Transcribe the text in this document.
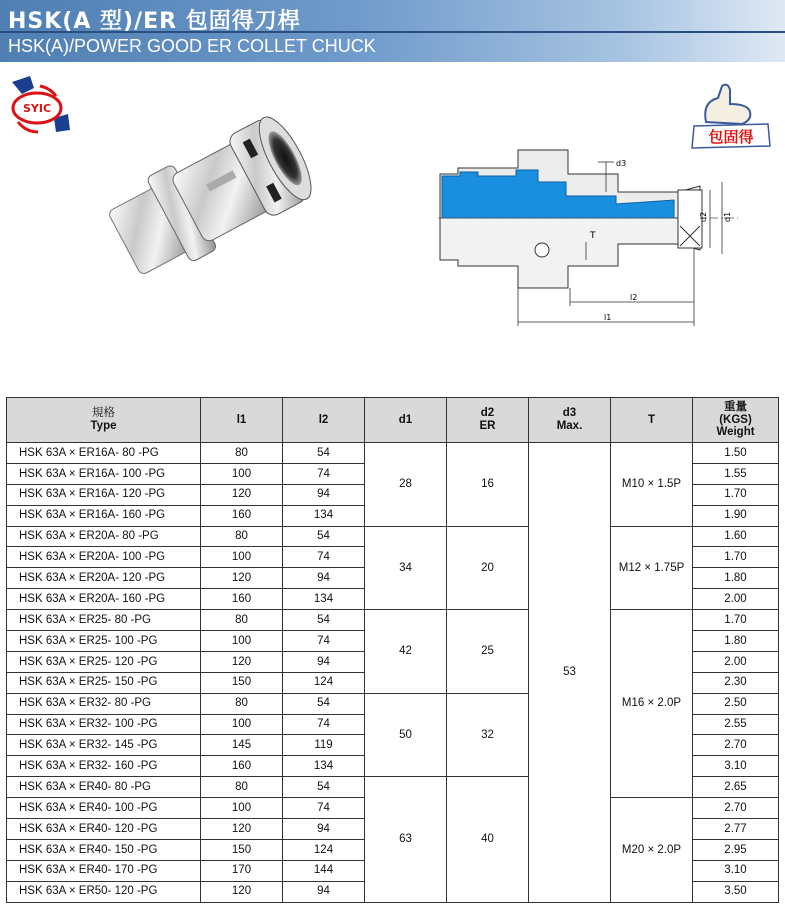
HSK(A 型)/ER 包固得刀桿
HSK(A)/POWER GOOD ER COLLET CHUCK
SYIC
包固得
d3
d2 d1
T
l2
l1
規格
Type	l1	l2	d1	d2
ER	d3
Max.	T	重量
(KGS)
Weight
HSK 63A × ER16A- 80 -PG	80	54	28	16	53	M10 × 1.5P	1.50
HSK 63A × ER16A- 100 -PG	100	74					1.55
HSK 63A × ER16A- 120 -PG	120	94					1.70
HSK 63A × ER16A- 160 -PG	160	134					1.90
HSK 63A × ER20A- 80 -PG	80	54	34	20		M12 × 1.75P	1.60
HSK 63A × ER20A- 100 -PG	100	74					1.70
HSK 63A × ER20A- 120 -PG	120	94					1.80
HSK 63A × ER20A- 160 -PG	160	134					2.00
HSK 63A × ER25- 80 -PG	80	54	42	25		M16 × 2.0P	1.70
HSK 63A × ER25- 100 -PG	100	74					1.80
HSK 63A × ER25- 120 -PG	120	94					2.00
HSK 63A × ER25- 150 -PG	150	124					2.30
HSK 63A × ER32- 80 -PG	80	54	50	32			2.50
HSK 63A × ER32- 100 -PG	100	74					2.55
HSK 63A × ER32- 145 -PG	145	119					2.70
HSK 63A × ER32- 160 -PG	160	134					3.10
HSK 63A × ER40- 80 -PG	80	54	63	40			2.65
HSK 63A × ER40- 100 -PG	100	74				M20 × 2.0P	2.70
HSK 63A × ER40- 120 -PG	120	94					2.77
HSK 63A × ER40- 150 -PG	150	124					2.95
HSK 63A × ER40- 170 -PG	170	144					3.10
HSK 63A × ER50- 120 -PG	120	94					3.50
